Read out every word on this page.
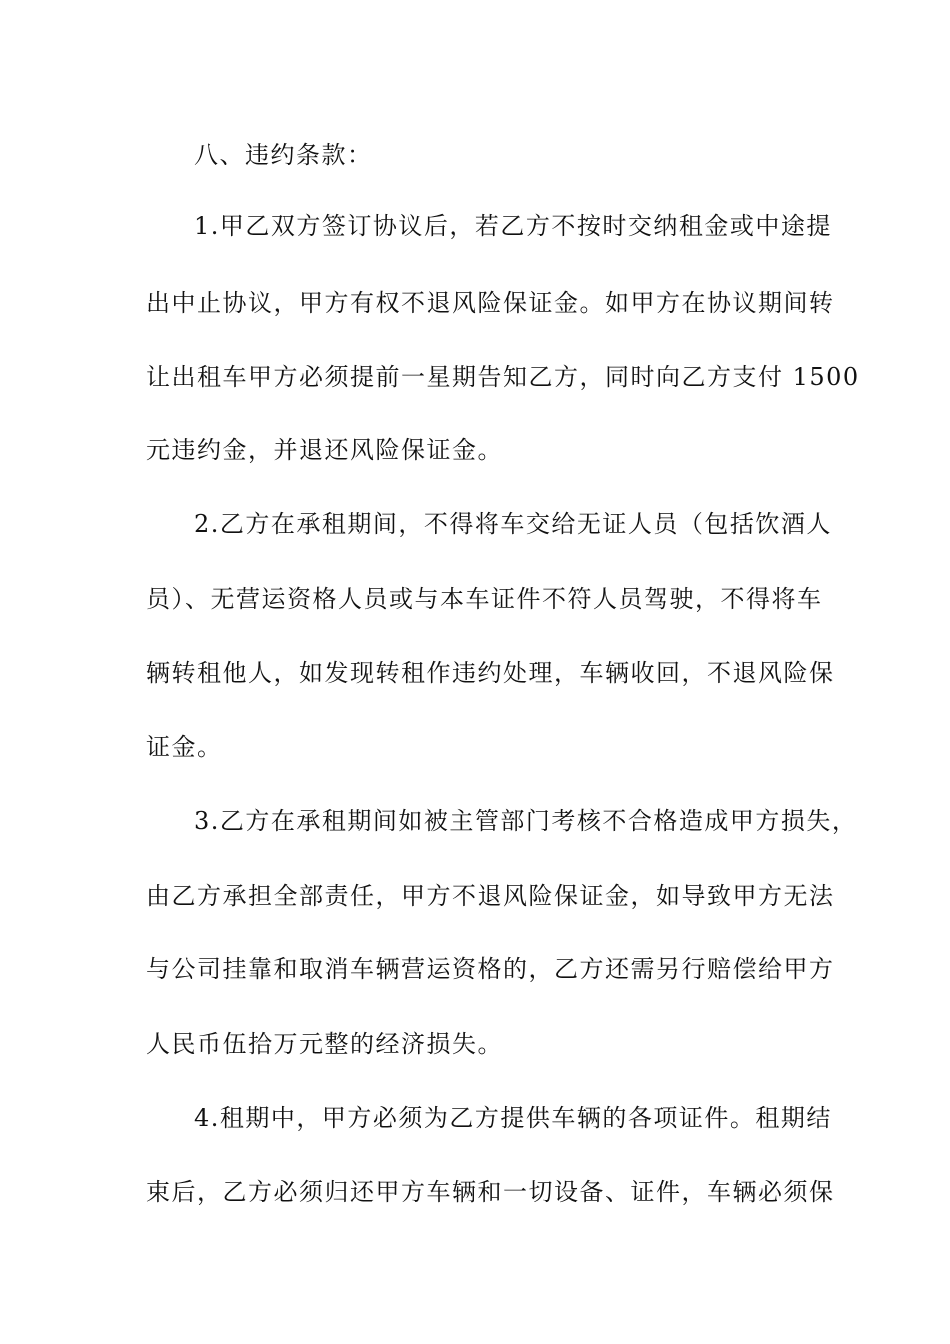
八、违约条款：
1.甲乙双方签订协议后，若乙方不按时交纳租金或中途提
出中止协议，甲方有权不退风险保证金。如甲方在协议期间转
让出租车甲方必须提前一星期告知乙方，同时向乙方支付 1500
元违约金，并退还风险保证金。
2.乙方在承租期间，不得将车交给无证人员（包括饮酒人
员）、无营运资格人员或与本车证件不符人员驾驶，不得将车
辆转租他人，如发现转租作违约处理，车辆收回，不退风险保
证金。
3.乙方在承租期间如被主管部门考核不合格造成甲方损失，
由乙方承担全部责任，甲方不退风险保证金，如导致甲方无法
与公司挂靠和取消车辆营运资格的，乙方还需另行赔偿给甲方
人民币伍拾万元整的经济损失。
4.租期中，甲方必须为乙方提供车辆的各项证件。租期结
束后，乙方必须归还甲方车辆和一切设备、证件，车辆必须保
